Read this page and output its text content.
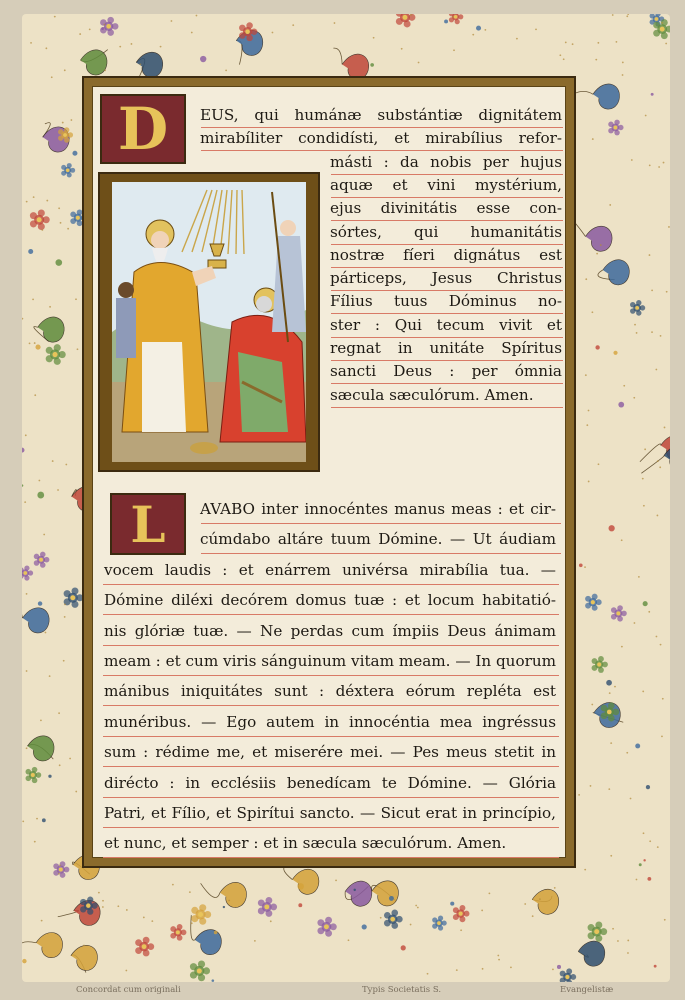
D
L
EUS, qui humánæ substántiæ dignitátem
mirabíliter condidísti, et mirabílius refor-
másti : da nobis per hujus
aquæ et vini mystérium,
ejus divinitátis esse con-
sórtes, qui humanitátis
nostræ fíeri dignátus est
párticeps, Jesus Christus
Fílius tuus Dóminus no-
ster : Qui tecum vivit et
regnat in unitáte Spíritus
sancti Deus : per ómnia
sæcula sæculórum. Amen.
AVABO inter innocéntes manus meas : et cir-
cúmdabo altáre tuum Dómine. — Ut áudiam
vocem laudis : et enárrem univérsa mirabília tua. —
Dómine diléxi decórem domus tuæ : et locum habitatió-
nis glóriæ tuæ. — Ne perdas cum ímpiis Deus ánimam
meam : et cum viris sánguinum vitam meam. — In quorum
mánibus iniquitátes sunt : déxtera eórum repléta est
munéribus. — Ego autem in innocéntia mea ingréssus
sum : rédime me, et miserére mei. — Pes meus stetit in
dirécto : in ecclésiis benedícam te Dómine. — Glória
Patri, et Fílio, et Spirítui sancto. — Sicut erat in princípio,
et nunc, et semper : et in sæcula sæculórum. Amen.
Concordat cum originali	Typis Societatis S.	Evangelistæ
